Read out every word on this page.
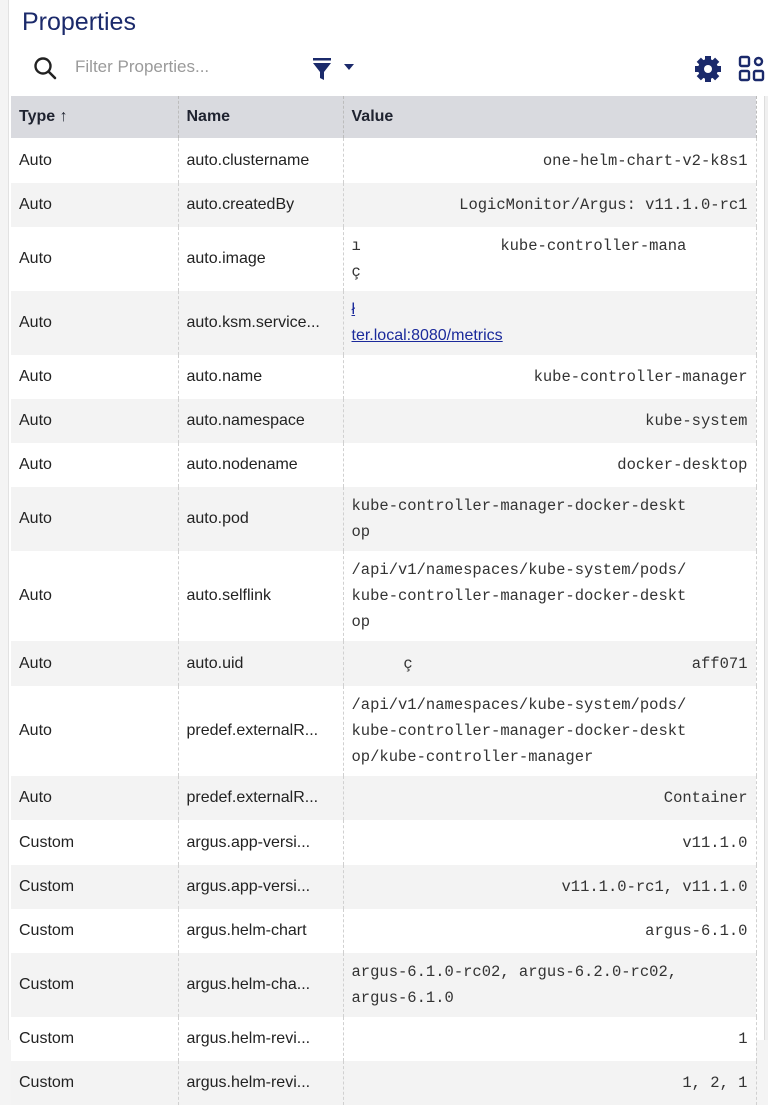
Properties
Filter Properties...
Type ↑	Name	Value
Auto	auto.clustername	one-helm-chart-v2-k8s1
Auto	auto.createdBy	LogicMonitor/Argus: v11.1.0-rc1
Auto	auto.image	ı               kube-controller-mana
ç
Auto	auto.ksm.service...	ł
ter.local:8080/metrics
Auto	auto.name	kube-controller-manager
Auto	auto.namespace	kube-system
Auto	auto.nodename	docker-desktop
Auto	auto.pod	kube-controller-manager-docker-deskt
op
Auto	auto.selflink	/api/v1/namespaces/kube-system/pods/
kube-controller-manager-docker-deskt
op
Auto	auto.uid	ç                              aff071
Auto	predef.externalR...	/api/v1/namespaces/kube-system/pods/
kube-controller-manager-docker-deskt
op/kube-controller-manager
Auto	predef.externalR...	Container
Custom	argus.app-versi...	v11.1.0
Custom	argus.app-versi...	v11.1.0-rc1, v11.1.0
Custom	argus.helm-chart	argus-6.1.0
Custom	argus.helm-cha...	argus-6.1.0-rc02, argus-6.2.0-rc02,
argus-6.1.0
Custom	argus.helm-revi...	1
Custom	argus.helm-revi...	1, 2, 1
